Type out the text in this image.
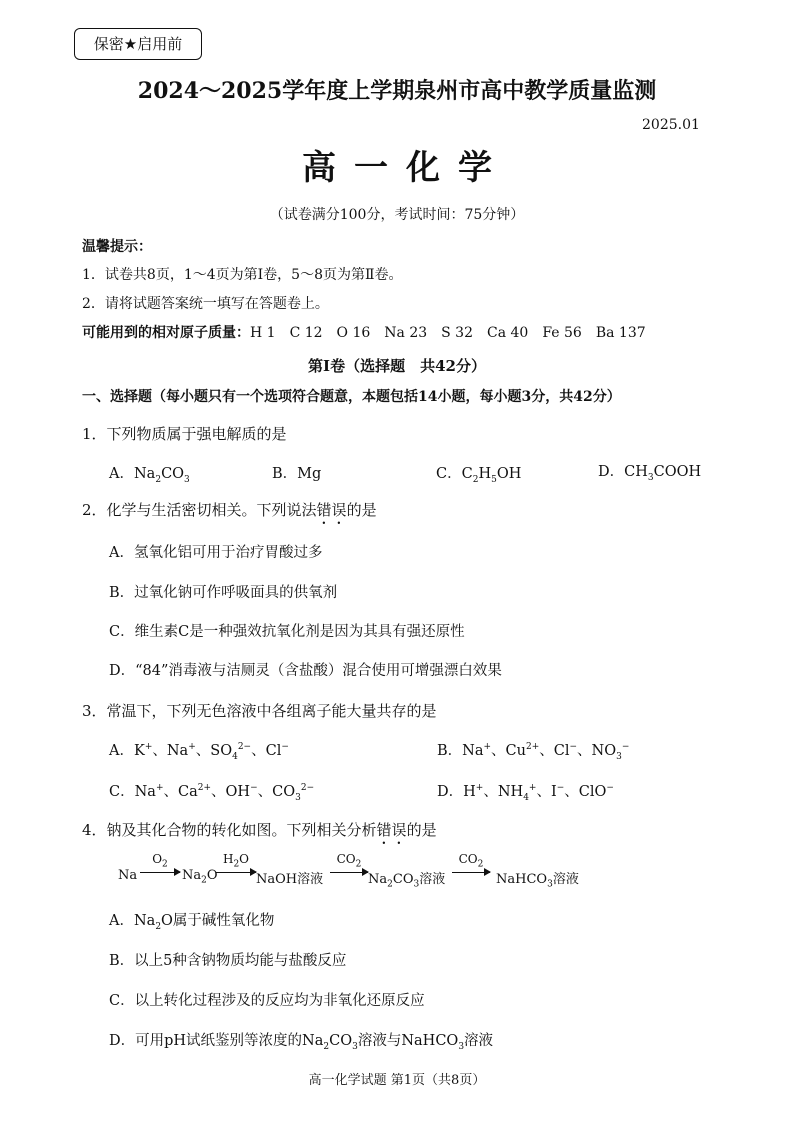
保密★启用前
2024～2025学年度上学期泉州市高中教学质量监测
2025.01
高一化学
（试卷满分100分，考试时间：75分钟）
温馨提示：
1．试卷共8页，1～4页为第Ⅰ卷，5～8页为第Ⅱ卷。
2．请将试题答案统一填写在答题卷上。
可能用到的相对原子质量：H 1　C 12　O 16　Na 23　S 32　Ca 40　Fe 56　Ba 137
第Ⅰ卷（选择题　共42分）
一、选择题（每小题只有一个选项符合题意，本题包括14小题，每小题3分，共42分）
1．下列物质属于强电解质的是
A．$Na_2CO_3$	B．Mg	C．$C_2H_5OH$	D．$CH_3COOH$
2．化学与生活密切相关。下列说法错误的是
A．氢氧化铝可用于治疗胃酸过多
B．过氧化钠可作呼吸面具的供氧剂
C．维生素C是一种强效抗氧化剂是因为其具有强还原性
D．“84”消毒液与洁厕灵（含盐酸）混合使用可增强漂白效果
3．常温下，下列无色溶液中各组离子能大量共存的是
A．K+、Na+、$SO_4^{2-}$、Cl−	B．Na+、$Cu^{2+}$、Cl−、$NO_3^-$
C．Na+、$Ca^{2+}$、OH−、$CO_3^{2-}$	D．H+、$NH_4^+$、I−、ClO−
4．钠及其化合物的转化如图。下列相关分析错误的是
Na
$O_2$
$Na_2O$
$H_2O$
NaOH溶液
$CO_2$
$Na_2CO_3$溶液
$CO_2$
NaHCO$_3$溶液
A．$Na_2O$属于碱性氧化物
B．以上5种含钠物质均能与盐酸反应
C．以上转化过程涉及的反应均为非氧化还原反应
D．可用pH试纸鉴别等浓度的$Na_2CO_3$溶液与NaHCO$_3$溶液
高一化学试题 第1页（共8页）
